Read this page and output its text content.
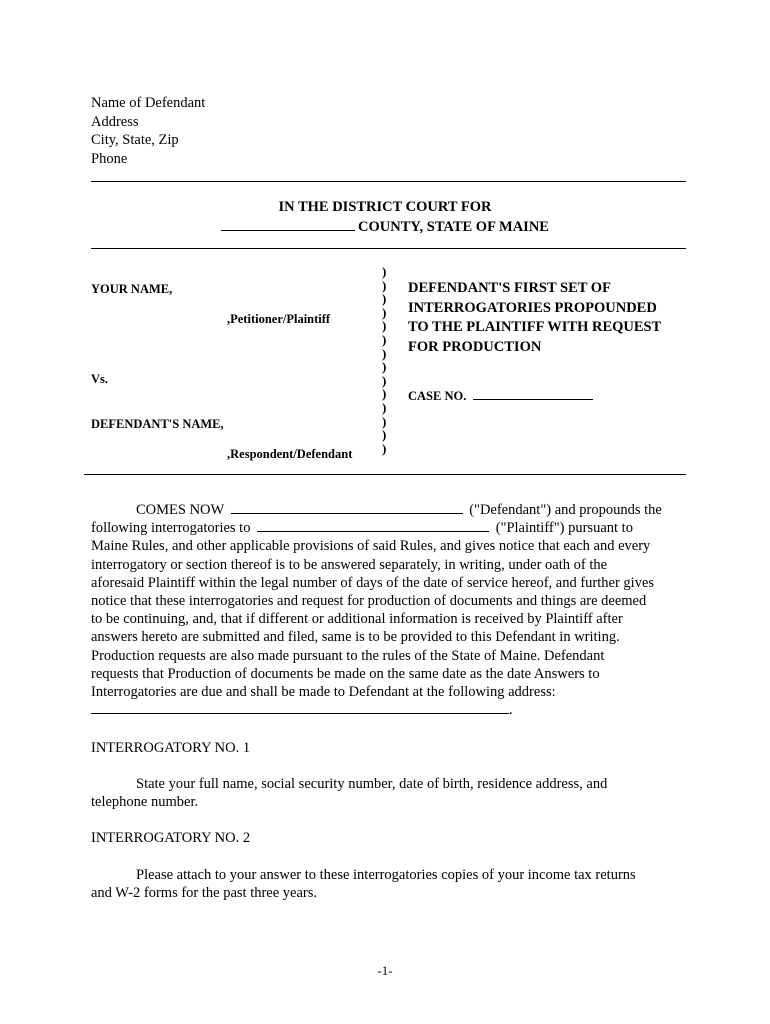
Name of Defendant
Address
City, State, Zip
Phone
IN THE DISTRICT COURT FOR
COUNTY, STATE OF MAINE
YOUR NAME,
,Petitioner/Plaintiff
Vs.
DEFENDANT'S NAME,
,Respondent/Defendant
)
)
)
)
)
)
)
)
)
)
)
)
)
)
DEFENDANT'S FIRST SET OF
INTERROGATORIES PROPOUNDED
TO THE PLAINTIFF WITH REQUEST
FOR PRODUCTION
CASE NO.
COMES NOW	("Defendant") and propounds the
following interrogatories to	("Plaintiff") pursuant to
Maine Rules, and other applicable provisions of said Rules, and gives notice that each and every
interrogatory or section thereof is to be answered separately, in writing, under oath of the
aforesaid Plaintiff within the legal number of days of the date of service hereof, and further gives
notice that these interrogatories and request for production of documents and things are deemed
to be continuing, and, that if different or additional information is received by Plaintiff after
answers hereto are submitted and filed, same is to be provided to this Defendant in writing.
Production requests are also made pursuant to the rules of the State of Maine. Defendant
requests that Production of documents be made on the same date as the date Answers to
Interrogatories are due and shall be made to Defendant at the following address:
.
INTERROGATORY NO. 1
State your full name, social security number, date of birth, residence address, and
telephone number.
INTERROGATORY NO. 2
Please attach to your answer to these interrogatories copies of your income tax returns
and W-2 forms for the past three years.
-1-
